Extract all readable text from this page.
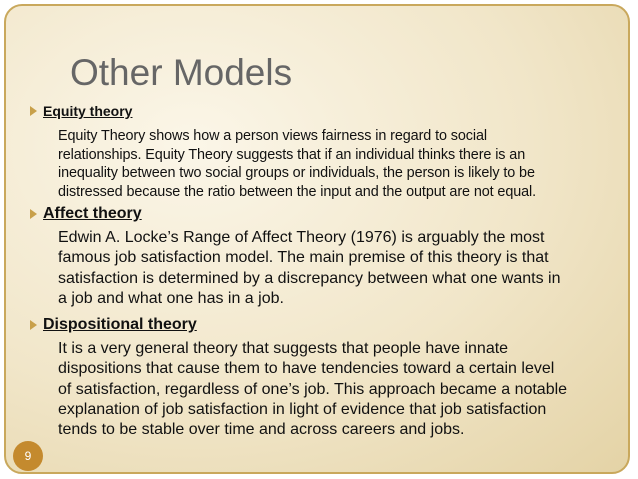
Other Models
Equity theory
Equity Theory shows how a person views fairness in regard to social
relationships. Equity Theory suggests that if an individual thinks there is an
inequality between two social groups or individuals, the person is likely to be
distressed because the ratio between the input and the output are not equal.
Affect theory
Edwin A. Locke’s Range of Affect Theory (1976) is arguably the most
famous job satisfaction model. The main premise of this theory is that
satisfaction is determined by a discrepancy between what one wants in
a job and what one has in a job.
Dispositional theory
It is a very general theory that suggests that people have innate
dispositions that cause them to have tendencies toward a certain level
of satisfaction, regardless of one’s job. This approach became a notable
explanation of job satisfaction in light of evidence that job satisfaction
tends to be stable over time and across careers and jobs.
9
